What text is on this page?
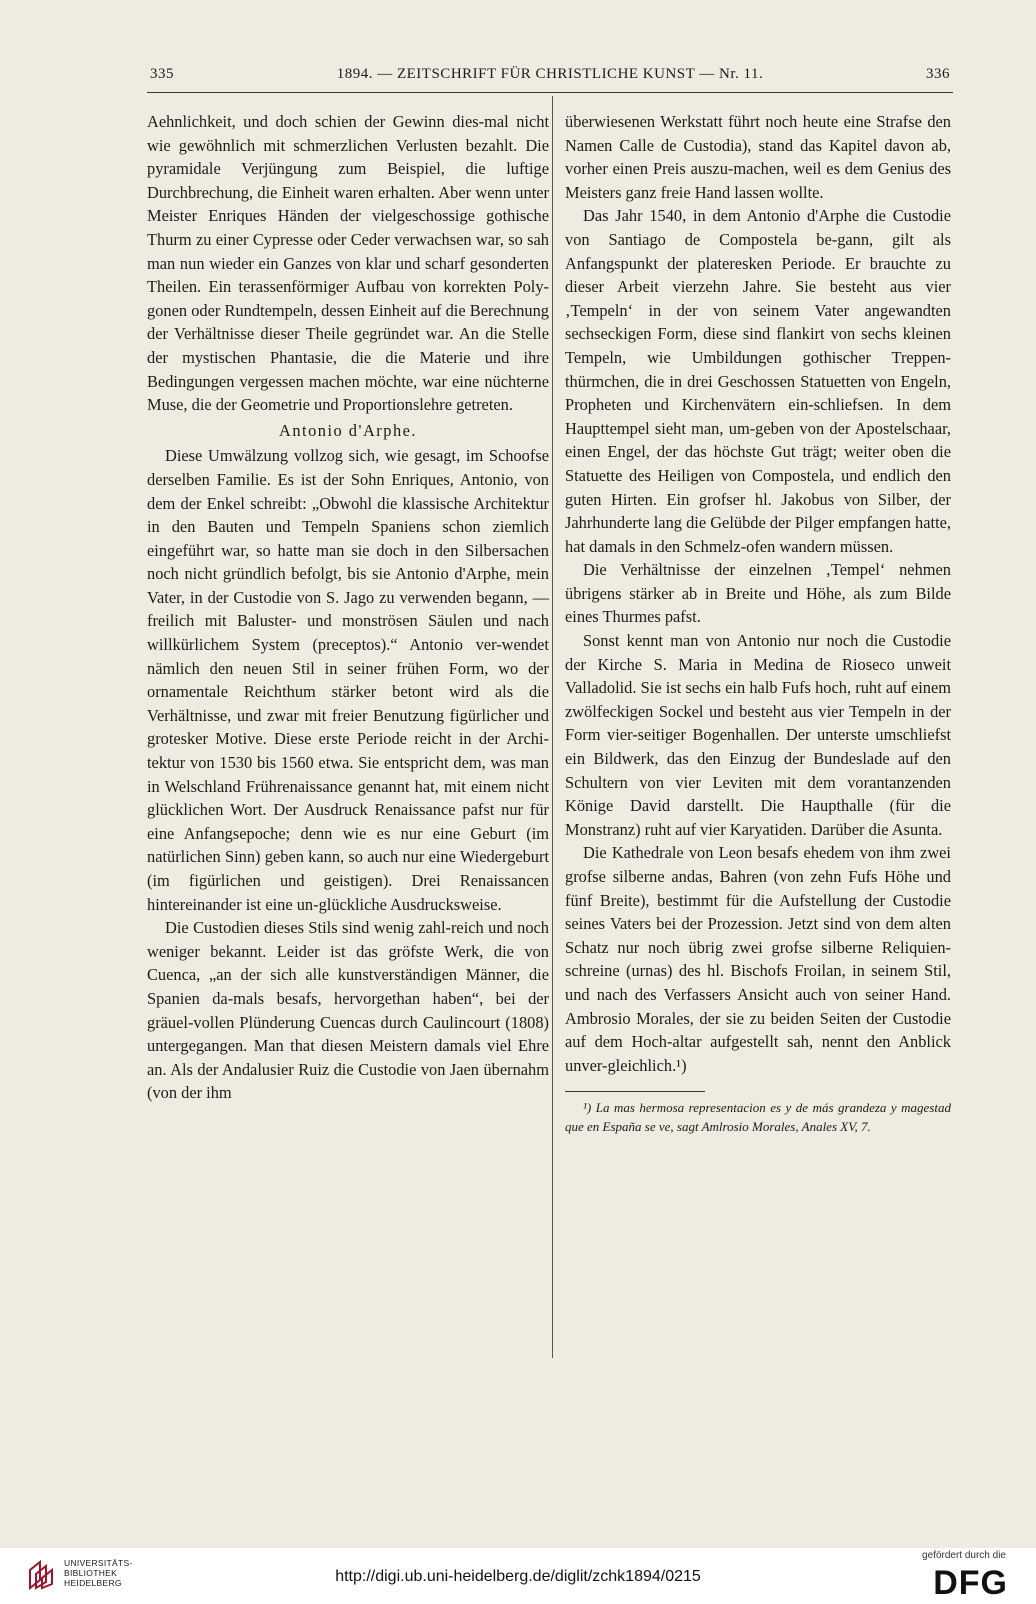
335	1894. — ZEITSCHRIFT FÜR CHRISTLICHE KUNST — Nr. 11.	336

Aehnlichkeit, und doch schien der Gewinn dies-mal nicht wie gewöhnlich mit schmerzlichen Verlusten bezahlt. Die pyramidale Verjüngung zum Beispiel, die luftige Durchbrechung, die Einheit waren erhalten. Aber wenn unter Meister Enriques Händen der vielgeschossige gothische Thurm zu einer Cypresse oder Ceder verwachsen war, so sah man nun wieder ein Ganzes von klar und scharf gesonderten Theilen. Ein terassenförmiger Aufbau von korrekten Poly-gonen oder Rundtempeln, dessen Einheit auf die Berechnung der Verhältnisse dieser Theile gegründet war. An die Stelle der mystischen Phantasie, die die Materie und ihre Bedingungen vergessen machen möchte, war eine nüchterne Muse, die der Geometrie und Proportionslehre getreten.

Antonio d'Arphe.

Diese Umwälzung vollzog sich, wie gesagt, im Schoofse derselben Familie. Es ist der Sohn Enriques, Antonio, von dem der Enkel schreibt: „Obwohl die klassische Architektur in den Bauten und Tempeln Spaniens schon ziemlich eingeführt war, so hatte man sie doch in den Silbersachen noch nicht gründlich befolgt, bis sie Antonio d'Arphe, mein Vater, in der Custodie von S. Jago zu verwenden begann, — freilich mit Baluster- und monströsen Säulen und nach willkürlichem System (preceptos).“ Antonio ver-wendet nämlich den neuen Stil in seiner frühen Form, wo der ornamentale Reichthum stärker betont wird als die Verhältnisse, und zwar mit freier Benutzung figürlicher und grotesker Motive. Diese erste Periode reicht in der Archi-tektur von 1530 bis 1560 etwa. Sie entspricht dem, was man in Welschland Frührenaissance genannt hat, mit einem nicht glücklichen Wort. Der Ausdruck Renaissance pafst nur für eine Anfangsepoche; denn wie es nur eine Geburt (im natürlichen Sinn) geben kann, so auch nur eine Wiedergeburt (im figürlichen und geistigen). Drei Renaissancen hintereinander ist eine un-glückliche Ausdrucksweise.

Die Custodien dieses Stils sind wenig zahl-reich und noch weniger bekannt. Leider ist das gröfste Werk, die von Cuenca, „an der sich alle kunstverständigen Männer, die Spanien da-mals besafs, hervorgethan haben“, bei der gräuel-vollen Plünderung Cuencas durch Caulincourt (1808) untergegangen. Man that diesen Meistern damals viel Ehre an. Als der Andalusier Ruiz die Custodie von Jaen übernahm (von der ihm

überwiesenen Werkstatt führt noch heute eine Strafse den Namen Calle de Custodia), stand das Kapitel davon ab, vorher einen Preis auszu-machen, weil es dem Genius des Meisters ganz freie Hand lassen wollte.

Das Jahr 1540, in dem Antonio d'Arphe die Custodie von Santiago de Compostela be-gann, gilt als Anfangspunkt der plateresken Periode. Er brauchte zu dieser Arbeit vierzehn Jahre. Sie besteht aus vier ‚Tempeln‘ in der von seinem Vater angewandten sechseckigen Form, diese sind flankirt von sechs kleinen Tempeln, wie Umbildungen gothischer Treppen-thürmchen, die in drei Geschossen Statuetten von Engeln, Propheten und Kirchenvätern ein-schliefsen. In dem Haupttempel sieht man, um-geben von der Apostelschaar, einen Engel, der das höchste Gut trägt; weiter oben die Statuette des Heiligen von Compostela, und endlich den guten Hirten. Ein grofser hl. Jakobus von Silber, der Jahrhunderte lang die Gelübde der Pilger empfangen hatte, hat damals in den Schmelz-ofen wandern müssen.

Die Verhältnisse der einzelnen ‚Tempel‘ nehmen übrigens stärker ab in Breite und Höhe, als zum Bilde eines Thurmes pafst.

Sonst kennt man von Antonio nur noch die Custodie der Kirche S. Maria in Medina de Rioseco unweit Valladolid. Sie ist sechs ein halb Fufs hoch, ruht auf einem zwölfeckigen Sockel und besteht aus vier Tempeln in der Form vier-seitiger Bogenhallen. Der unterste umschliefst ein Bildwerk, das den Einzug der Bundeslade auf den Schultern von vier Leviten mit dem vorantanzenden Könige David darstellt. Die Haupthalle (für die Monstranz) ruht auf vier Karyatiden. Darüber die Asunta.

Die Kathedrale von Leon besafs ehedem von ihm zwei grofse silberne andas, Bahren (von zehn Fufs Höhe und fünf Breite), bestimmt für die Aufstellung der Custodie seines Vaters bei der Prozession. Jetzt sind von dem alten Schatz nur noch übrig zwei grofse silberne Reliquien-schreine (urnas) des hl. Bischofs Froilan, in seinem Stil, und nach des Verfassers Ansicht auch von seiner Hand. Ambrosio Morales, der sie zu beiden Seiten der Custodie auf dem Hoch-altar aufgestellt sah, nennt den Anblick unver-gleichlich.¹)

¹) La mas hermosa representacion es y de más grandeza y magestad que en España se ve, sagt Amlrosio Morales, Anales XV, 7.

UNIVERSITÄTS-
BIBLIOTHEK
HEIDELBERG	http://digi.ub.uni-heidelberg.de/diglit/zchk1894/0215
gefördert durch die
DFG
